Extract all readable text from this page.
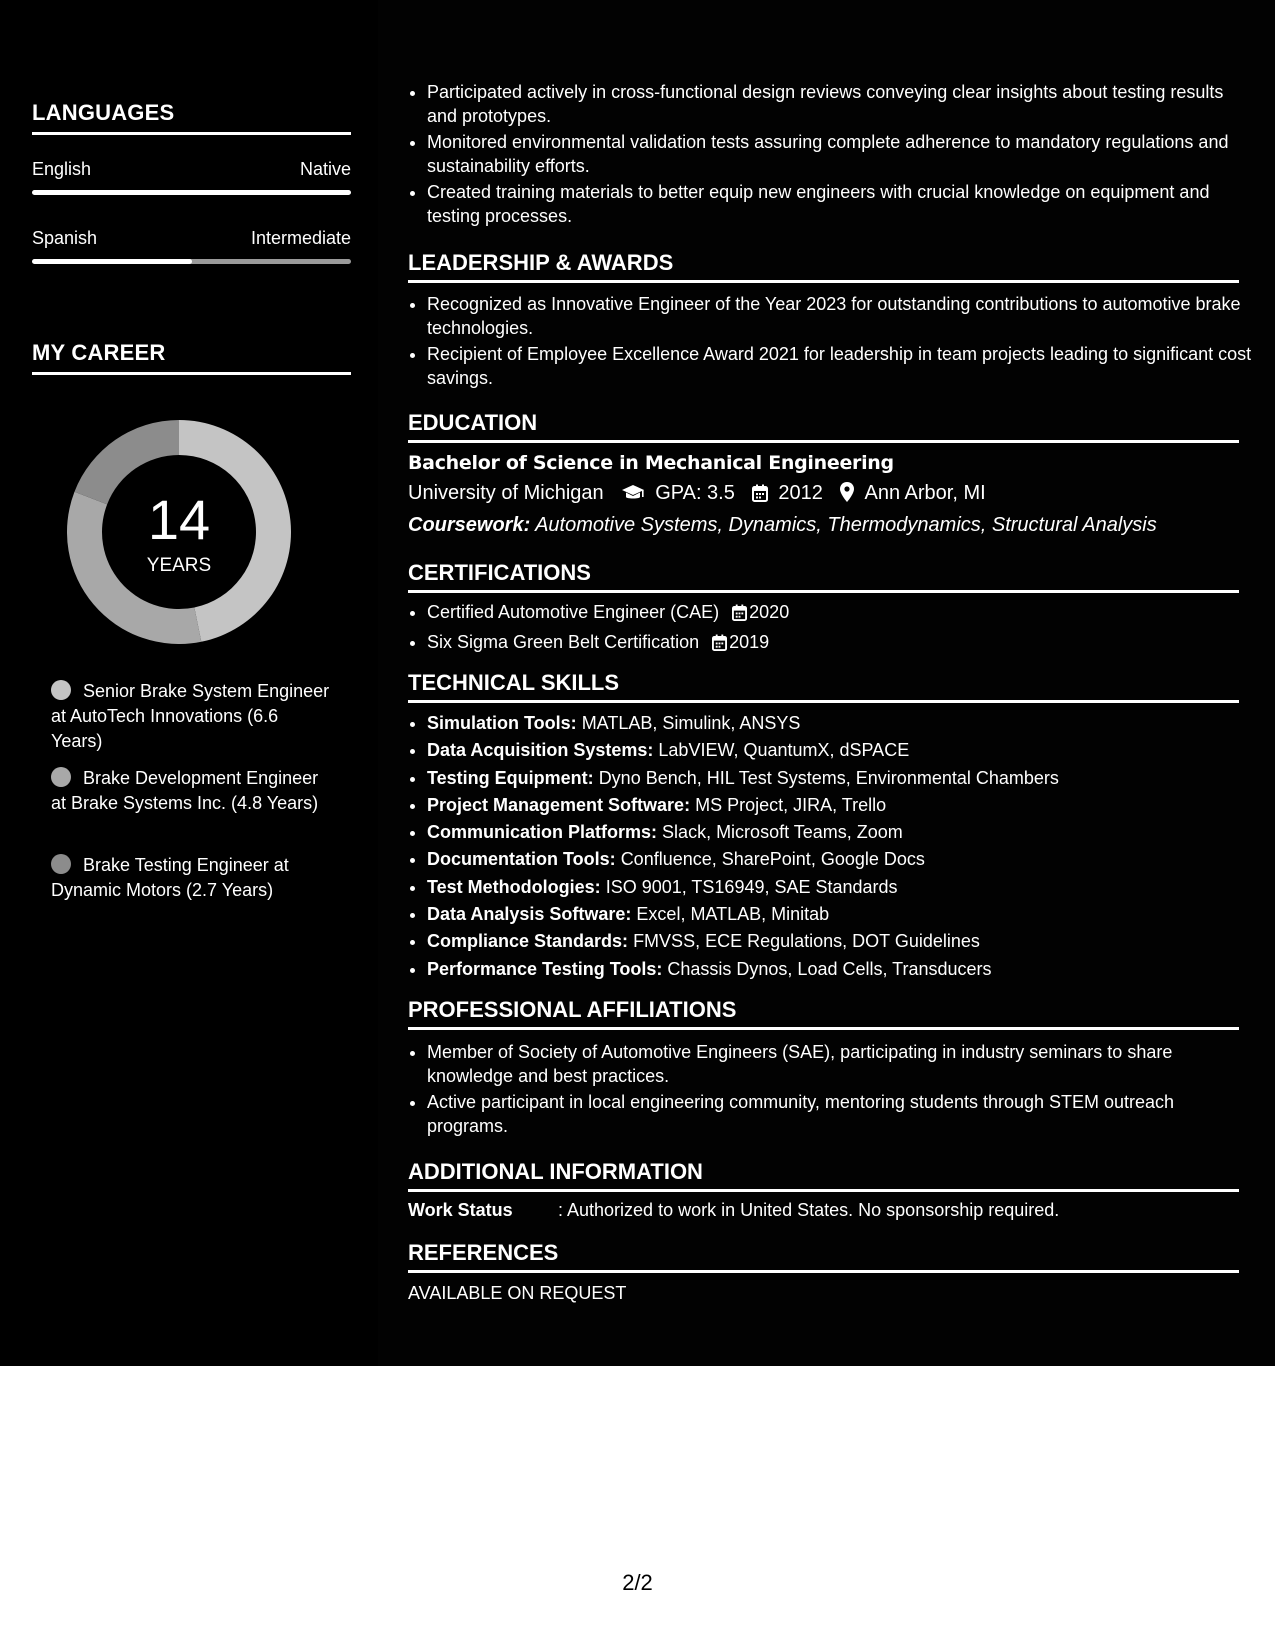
LANGUAGES
English	Native
Spanish	Intermediate
MY CAREER
14
YEARS
Senior Brake System Engineer at AutoTech Innovations (6.6 Years)
Brake Development Engineer at Brake Systems Inc. (4.8 Years)
Brake Testing Engineer at Dynamic Motors (2.7 Years)
• Participated actively in cross-functional design reviews conveying clear insights about testing results and prototypes.
• Monitored environmental validation tests assuring complete adherence to mandatory regulations and sustainability efforts.
• Created training materials to better equip new engineers with crucial knowledge on equipment and testing processes.
LEADERSHIP & AWARDS
• Recognized as Innovative Engineer of the Year 2023 for outstanding contributions to automotive brake technologies.
• Recipient of Employee Excellence Award 2021 for leadership in team projects leading to significant cost savings.
EDUCATION
Bachelor of Science in Mechanical Engineering
University of Michigan	GPA: 3.5 2012 Ann Arbor, MI
Coursework: Automotive Systems, Dynamics, Thermodynamics, Structural Analysis
CERTIFICATIONS
• Certified Automotive Engineer (CAE) 2020
• Six Sigma Green Belt Certification 2019
TECHNICAL SKILLS
• Simulation Tools: MATLAB, Simulink, ANSYS
• Data Acquisition Systems: LabVIEW, QuantumX, dSPACE
• Testing Equipment: Dyno Bench, HIL Test Systems, Environmental Chambers
• Project Management Software: MS Project, JIRA, Trello
• Communication Platforms: Slack, Microsoft Teams, Zoom
• Documentation Tools: Confluence, SharePoint, Google Docs
• Test Methodologies: ISO 9001, TS16949, SAE Standards
• Data Analysis Software: Excel, MATLAB, Minitab
• Compliance Standards: FMVSS, ECE Regulations, DOT Guidelines
• Performance Testing Tools: Chassis Dynos, Load Cells, Transducers
PROFESSIONAL AFFILIATIONS
• Member of Society of Automotive Engineers (SAE), participating in industry seminars to share knowledge and best practices.
• Active participant in local engineering community, mentoring students through STEM outreach programs.
ADDITIONAL INFORMATION
Work Status	: Authorized to work in United States. No sponsorship required.
REFERENCES
AVAILABLE ON REQUEST
2/2
